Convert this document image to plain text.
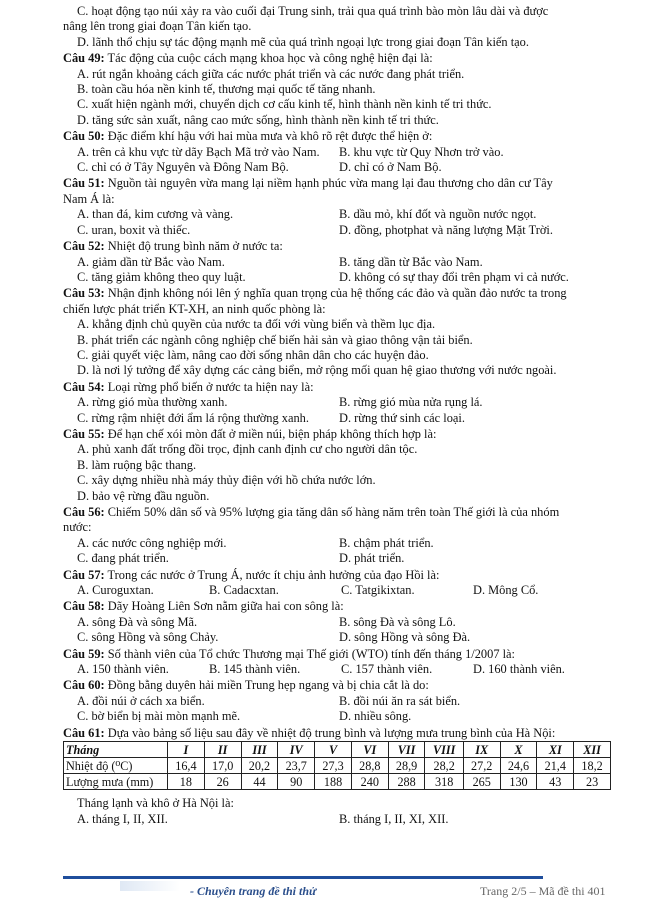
C. hoạt động tạo núi xảy ra vào cuối đại Trung sinh, trải qua quá trình bào mòn lâu dài và được
nâng lên trong giai đoạn Tân kiến tạo.
D. lãnh thổ chịu sự tác động mạnh mẽ của quá trình ngoại lực trong giai đoạn Tân kiến tạo.
Câu 49: Tác động của cuộc cách mạng khoa học và công nghệ hiện đại là:
A. rút ngắn khoảng cách giữa các nước phát triển và các nước đang phát triển.
B. toàn cầu hóa nền kinh tế, thương mại quốc tế tăng nhanh.
C. xuất hiện ngành mới, chuyển dịch cơ cấu kinh tế, hình thành nền kinh tế tri thức.
D. tăng sức sản xuất, nâng cao mức sống, hình thành nền kinh tế tri thức.
Câu 50: Đặc điểm khí hậu với hai mùa mưa và khô rõ rệt được thể hiện ở:
A. trên cả khu vực từ dãy Bạch Mã trở vào Nam.	B. khu vực từ Quy Nhơn trở vào.
C. chỉ có ở Tây Nguyên và Đông Nam Bộ.	D. chỉ có ở Nam Bộ.
Câu 51: Nguồn tài nguyên vừa mang lại niềm hạnh phúc vừa mang lại đau thương cho dân cư Tây
Nam Á là:
A. than đá, kim cương và vàng.	B. dầu mỏ, khí đốt và nguồn nước ngọt.
C. uran, boxit và thiếc.	D. đồng, photphat và năng lượng Mặt Trời.
Câu 52: Nhiệt độ trung bình năm ở nước ta:
A. giảm dần từ Bắc vào Nam.	B. tăng dần từ Bắc vào Nam.
C. tăng giảm không theo quy luật.	D. không có sự thay đổi trên phạm vi cả nước.
Câu 53: Nhận định không nói lên ý nghĩa quan trọng của hệ thống các đảo và quần đảo nước ta trong
chiến lược phát triển KT-XH, an ninh quốc phòng là:
A. khẳng định chủ quyền của nước ta đối với vùng biển và thềm lục địa.
B. phát triển các ngành công nghiệp chế biến hải sản và giao thông vận tải biển.
C. giải quyết việc làm, nâng cao đời sống nhân dân cho các huyện đảo.
D. là nơi lý tưởng để xây dựng các cảng biển, mở rộng mối quan hệ giao thương với nước ngoài.
Câu 54: Loại rừng phổ biến ở nước ta hiện nay là:
A. rừng gió mùa thường xanh.	B. rừng gió mùa nửa rụng lá.
C. rừng rậm nhiệt đới ẩm lá rộng thường xanh.	D. rừng thứ sinh các loại.
Câu 55: Để hạn chế xói mòn đất ở miền núi, biện pháp không thích hợp là:
A. phủ xanh đất trống đồi trọc, định canh định cư cho người dân tộc.
B. làm ruộng bậc thang.
C. xây dựng nhiều nhà máy thủy điện với hồ chứa nước lớn.
D. bảo vệ rừng đầu nguồn.
Câu 56: Chiếm 50% dân số và 95% lượng gia tăng dân số hàng năm trên toàn Thế giới là của nhóm
nước:
A. các nước công nghiệp mới.	B. chậm phát triển.
C. đang phát triển.	D. phát triển.
Câu 57: Trong các nước ở Trung Á, nước ít chịu ảnh hưởng của đạo Hồi là:
A. Curoguxtan.	B. Cadacxtan.	C. Tatgikixtan.	D. Mông Cổ.
Câu 58: Dãy Hoàng Liên Sơn nằm giữa hai con sông là:
A. sông Đà và sông Mã.	B. sông Đà và sông Lô.
C. sông Hồng và sông Chảy.	D. sông Hồng và sông Đà.
Câu 59: Số thành viên của Tổ chức Thương mại Thế giới (WTO) tính đến tháng 1/2007 là:
A. 150 thành viên.	B. 145 thành viên.	C. 157 thành viên.	D. 160 thành viên.
Câu 60: Đồng bằng duyên hải miền Trung hẹp ngang và bị chia cắt là do:
A. đồi núi ở cách xa biển.	B. đồi núi ăn ra sát biển.
C. bờ biển bị mài mòn mạnh mẽ.	D. nhiều sông.
Câu 61: Dựa vào bảng số liệu sau đây về nhiệt độ trung bình và lượng mưa trung bình của Hà Nội:
Tháng	I	II	III	IV	V	VI	VII	VIII	IX	X	XI	XII
Nhiệt độ (⁰C)	16,4	17,0	20,2	23,7	27,3	28,8	28,9	28,2	27,2	24,6	21,4	18,2
Lượng mưa (mm)	18	26	44	90	188	240	288	318	265	130	43	23
Tháng lạnh và khô ở Hà Nội là:
A. tháng I, II, XII.	B. tháng I, II, XI, XII.
- Chuyên trang đề thi thử	Trang 2/5 – Mã đề thi 401
